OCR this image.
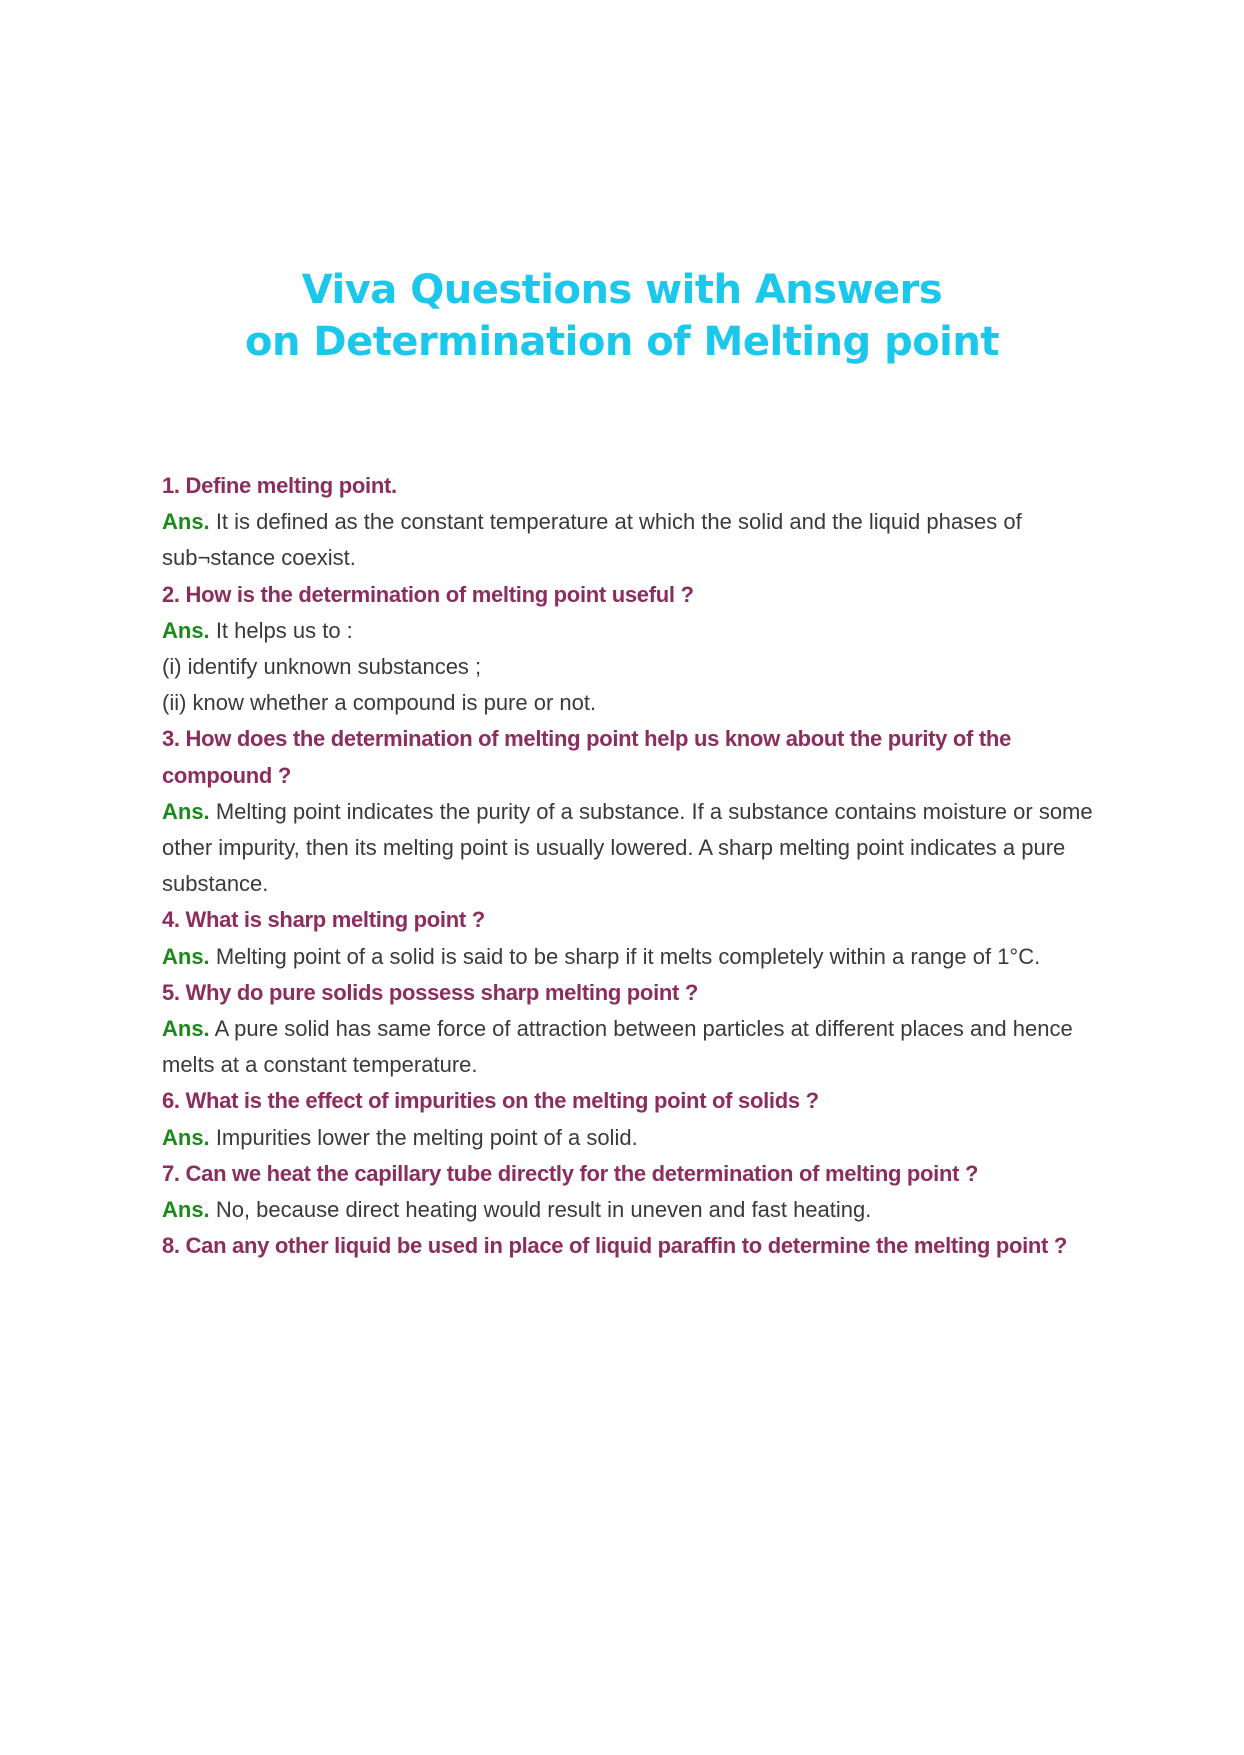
Viva Questions with Answers
on Determination of Melting point

1. Define melting point.

Ans. It is defined as the constant temperature at which the solid and the liquid phases of sub¬stance coexist.

2. How is the determination of melting point useful ?

Ans. It helps us to :

(i) identify unknown substances ;

(ii) know whether a compound is pure or not.

3. How does the determination of melting point help us know about the purity of the compound ?

Ans. Melting point indicates the purity of a substance. If a substance contains moisture or some other impurity, then its melting point is usually lowered. A sharp melting point indicates a pure substance.

4. What is sharp melting point ?

Ans. Melting point of a solid is said to be sharp if it melts completely within a range of 1°C.

5. Why do pure solids possess sharp melting point ?

Ans. A pure solid has same force of attraction between particles at different places and hence melts at a constant temperature.

6. What is the effect of impurities on the melting point of solids ?

Ans. Impurities lower the melting point of a solid.

7. Can we heat the capillary tube directly for the determination of melting point ?

Ans. No, because direct heating would result in uneven and fast heating.

8. Can any other liquid be used in place of liquid paraffin to determine the melting point ?
